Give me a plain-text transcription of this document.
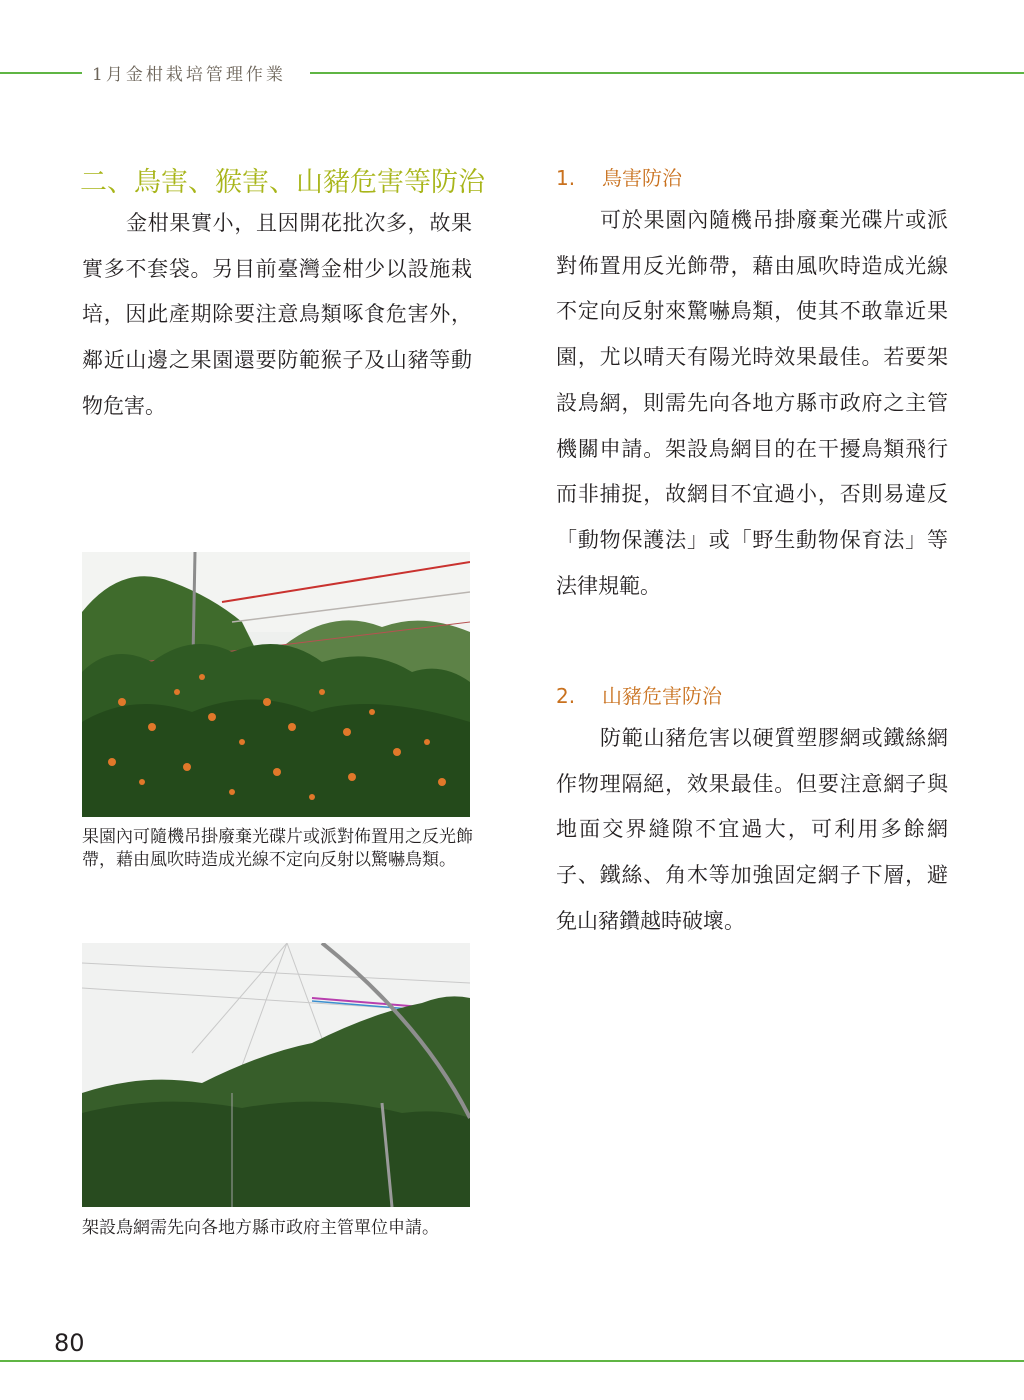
1月金柑栽培管理作業
二、鳥害、猴害、山豬危害等防治

金柑果實小，且因開花批次多，故果實多不套袋。另目前臺灣金柑少以設施栽培，因此產期除要注意鳥類啄食危害外，鄰近山邊之果園還要防範猴子及山豬等動物危害。

果園內可隨機吊掛廢棄光碟片或派對佈置用之反光飾帶，藉由風吹時造成光線不定向反射以驚嚇鳥類。

架設鳥網需先向各地方縣市政府主管單位申請。

1. 鳥害防治

可於果園內隨機吊掛廢棄光碟片或派對佈置用反光飾帶，藉由風吹時造成光線不定向反射來驚嚇鳥類，使其不敢靠近果園，尤以晴天有陽光時效果最佳。若要架設鳥網，則需先向各地方縣市政府之主管機關申請。架設鳥網目的在干擾鳥類飛行而非捕捉，故網目不宜過小，否則易違反「動物保護法」或「野生動物保育法」等法律規範。

2. 山豬危害防治

防範山豬危害以硬質塑膠網或鐵絲網作物理隔絕，效果最佳。但要注意網子與地面交界縫隙不宜過大，可利用多餘網子、鐵絲、角木等加強固定網子下層，避免山豬鑽越時破壞。

80
